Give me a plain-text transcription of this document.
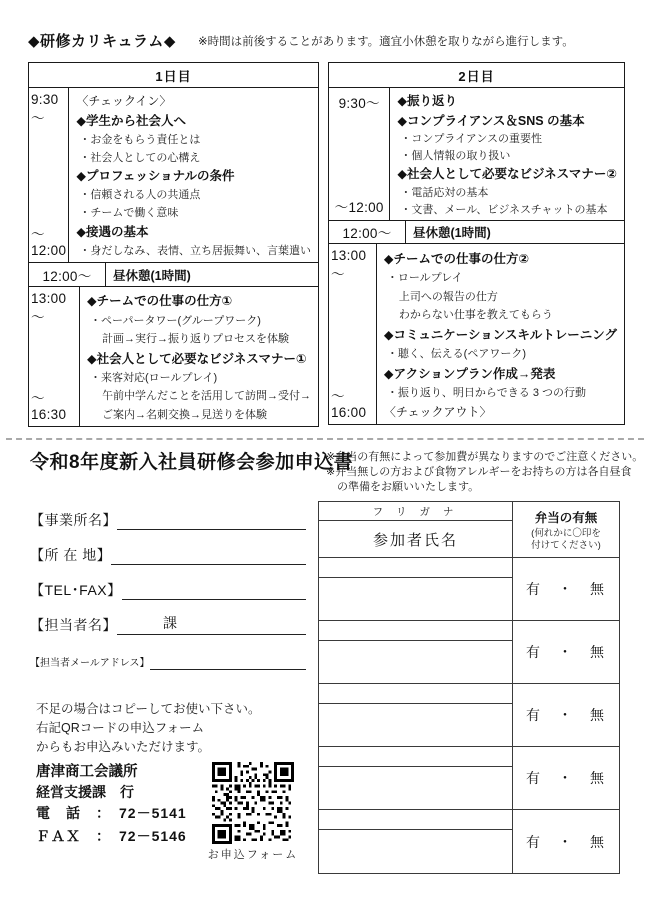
◆研修カリキュラム◆ ※時間は前後することがあります。適宜小休憩を取りながら進行します。
1日目
9:30～
～12:00
〈チェックイン〉
◆学生から社会人へ
・お金をもらう責任とは
・社会人としての心構え
◆プロフェッショナルの条件
・信頼される人の共通点
・チームで働く意味
◆接遇の基本
・身だしなみ、表情、立ち居振舞い、言葉遣い
12:00～	昼休憩(1時間)
13:00～
～16:30
◆チームでの仕事の仕方①
・ペーパータワー(グループワーク)
計画→実行→振り返りプロセスを体験
◆社会人として必要なビジネスマナー①
・来客対応(ロールプレイ)
午前中学んだことを活用して訪問→受付→
ご案内→名刺交換→見送りを体験
2日目
9:30～
～12:00
◆振り返り
◆コンプライアンス＆SNS の基本
・コンプライアンスの重要性
・個人情報の取り扱い
◆社会人として必要なビジネスマナー②
・電話応対の基本
・文書、メール、ビジネスチャットの基本
12:00～	昼休憩(1時間)
13:00～
～16:00
◆チームでの仕事の仕方②
・ロールプレイ
上司への報告の仕方
わからない仕事を教えてもらう
◆コミュニケーションスキルトレーニング
・聴く、伝える(ペアワーク)
◆アクションプラン作成→発表
・振り返り、明日からできる 3 つの行動
〈チェックアウト〉
令和8年度新入社員研修会参加申込書
※弁当の有無によって参加費が異なりますのでご注意ください。
※弁当無しの方および食物アレルギーをお持ちの方は各自昼食
　の準備をお願いいたします。
【事業所名】
【所 在 地】
【TEL･FAX】
【担当者名】	課
【担当者メールアドレス】
フ リ ガ ナ
参加者氏名
弁当の有無
(何れかに〇印を
付けてください)
有　・　無
有　・　無
有　・　無
有　・　無
有　・　無
不足の場合はコピーしてお使い下さい。
右記QRコードの申込フォーム
からもお申込みいただけます。
唐津商工会議所
経営支援課　行
電　話　：　72－5141
ＦＡＸ　：　72－5146
お申込フォーム
